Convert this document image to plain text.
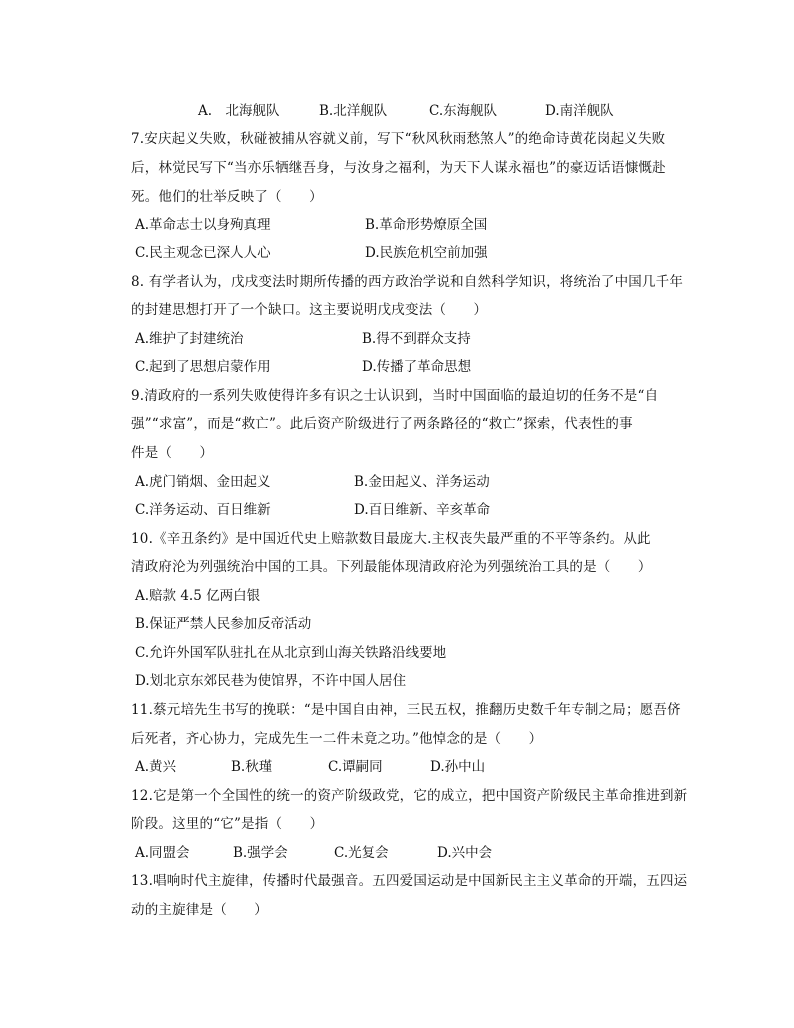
A.　北海舰队	B.北洋舰队	C.东海舰队	D.南洋舰队
7.安庆起义失败，秋碰被捕从容就义前，写下“秋风秋雨愁煞人”的绝命诗黄花岗起义失败
后，林觉民写下“当亦乐牺继吾身，与汝身之福利，为天下人谋永福也”的豪迈话语慷慨赴
死。他们的壮举反映了（　　）
A.革命志士以身殉真理	B.革命形势燎原全国
C.民主观念已深人人心	D.民族危机空前加强
8. 有学者认为，戊戌变法时期所传播的西方政治学说和自然科学知识，将统治了中国几千年
的封建思想打开了一个缺口。这主要说明戊戌变法（　　）
A.维护了封建统治	B.得不到群众支持
C.起到了思想启蒙作用	D.传播了革命思想
9.清政府的一系列失败使得许多有识之士认识到，当时中国面临的最迫切的任务不是“自
强”“求富”，而是“救亡”。此后资产阶级进行了两条路径的“救亡”探索，代表性的事
件是（　　）
A.虎门销烟、金田起义	B.金田起义、洋务运动
C.洋务运动、百日维新	D.百日维新、辛亥革命
10.《辛丑条约》是中国近代史上赔款数目最庞大.主权丧失最严重的不平等条约。从此
清政府沦为列强统治中国的工具。下列最能体现清政府沦为列强统治工具的是（　　）
A.赔款 4.5 亿两白银
B.保证严禁人民参加反帝活动
C.允许外国军队驻扎在从北京到山海关铁路沿线要地
D.划北京东郊民巷为使馆界，不许中国人居住
11.蔡元培先生书写的挽联：“是中国自由神，三民五权，推翻历史数千年专制之局；愿吾侪
后死者，齐心协力，完成先生一二件未竟之功。”他悼念的是（　　）
A.黄兴	B.秋瑾	C.谭嗣同	D.孙中山
12.它是第一个全国性的统一的资产阶级政党，它的成立，把中国资产阶级民主革命推进到新
阶段。这里的“它”是指（　　）
A.同盟会	B.强学会	C.光复会	D.兴中会
13.唱响时代主旋律，传播时代最强音。五四爱国运动是中国新民主主义革命的开端，五四运
动的主旋律是（　　）
